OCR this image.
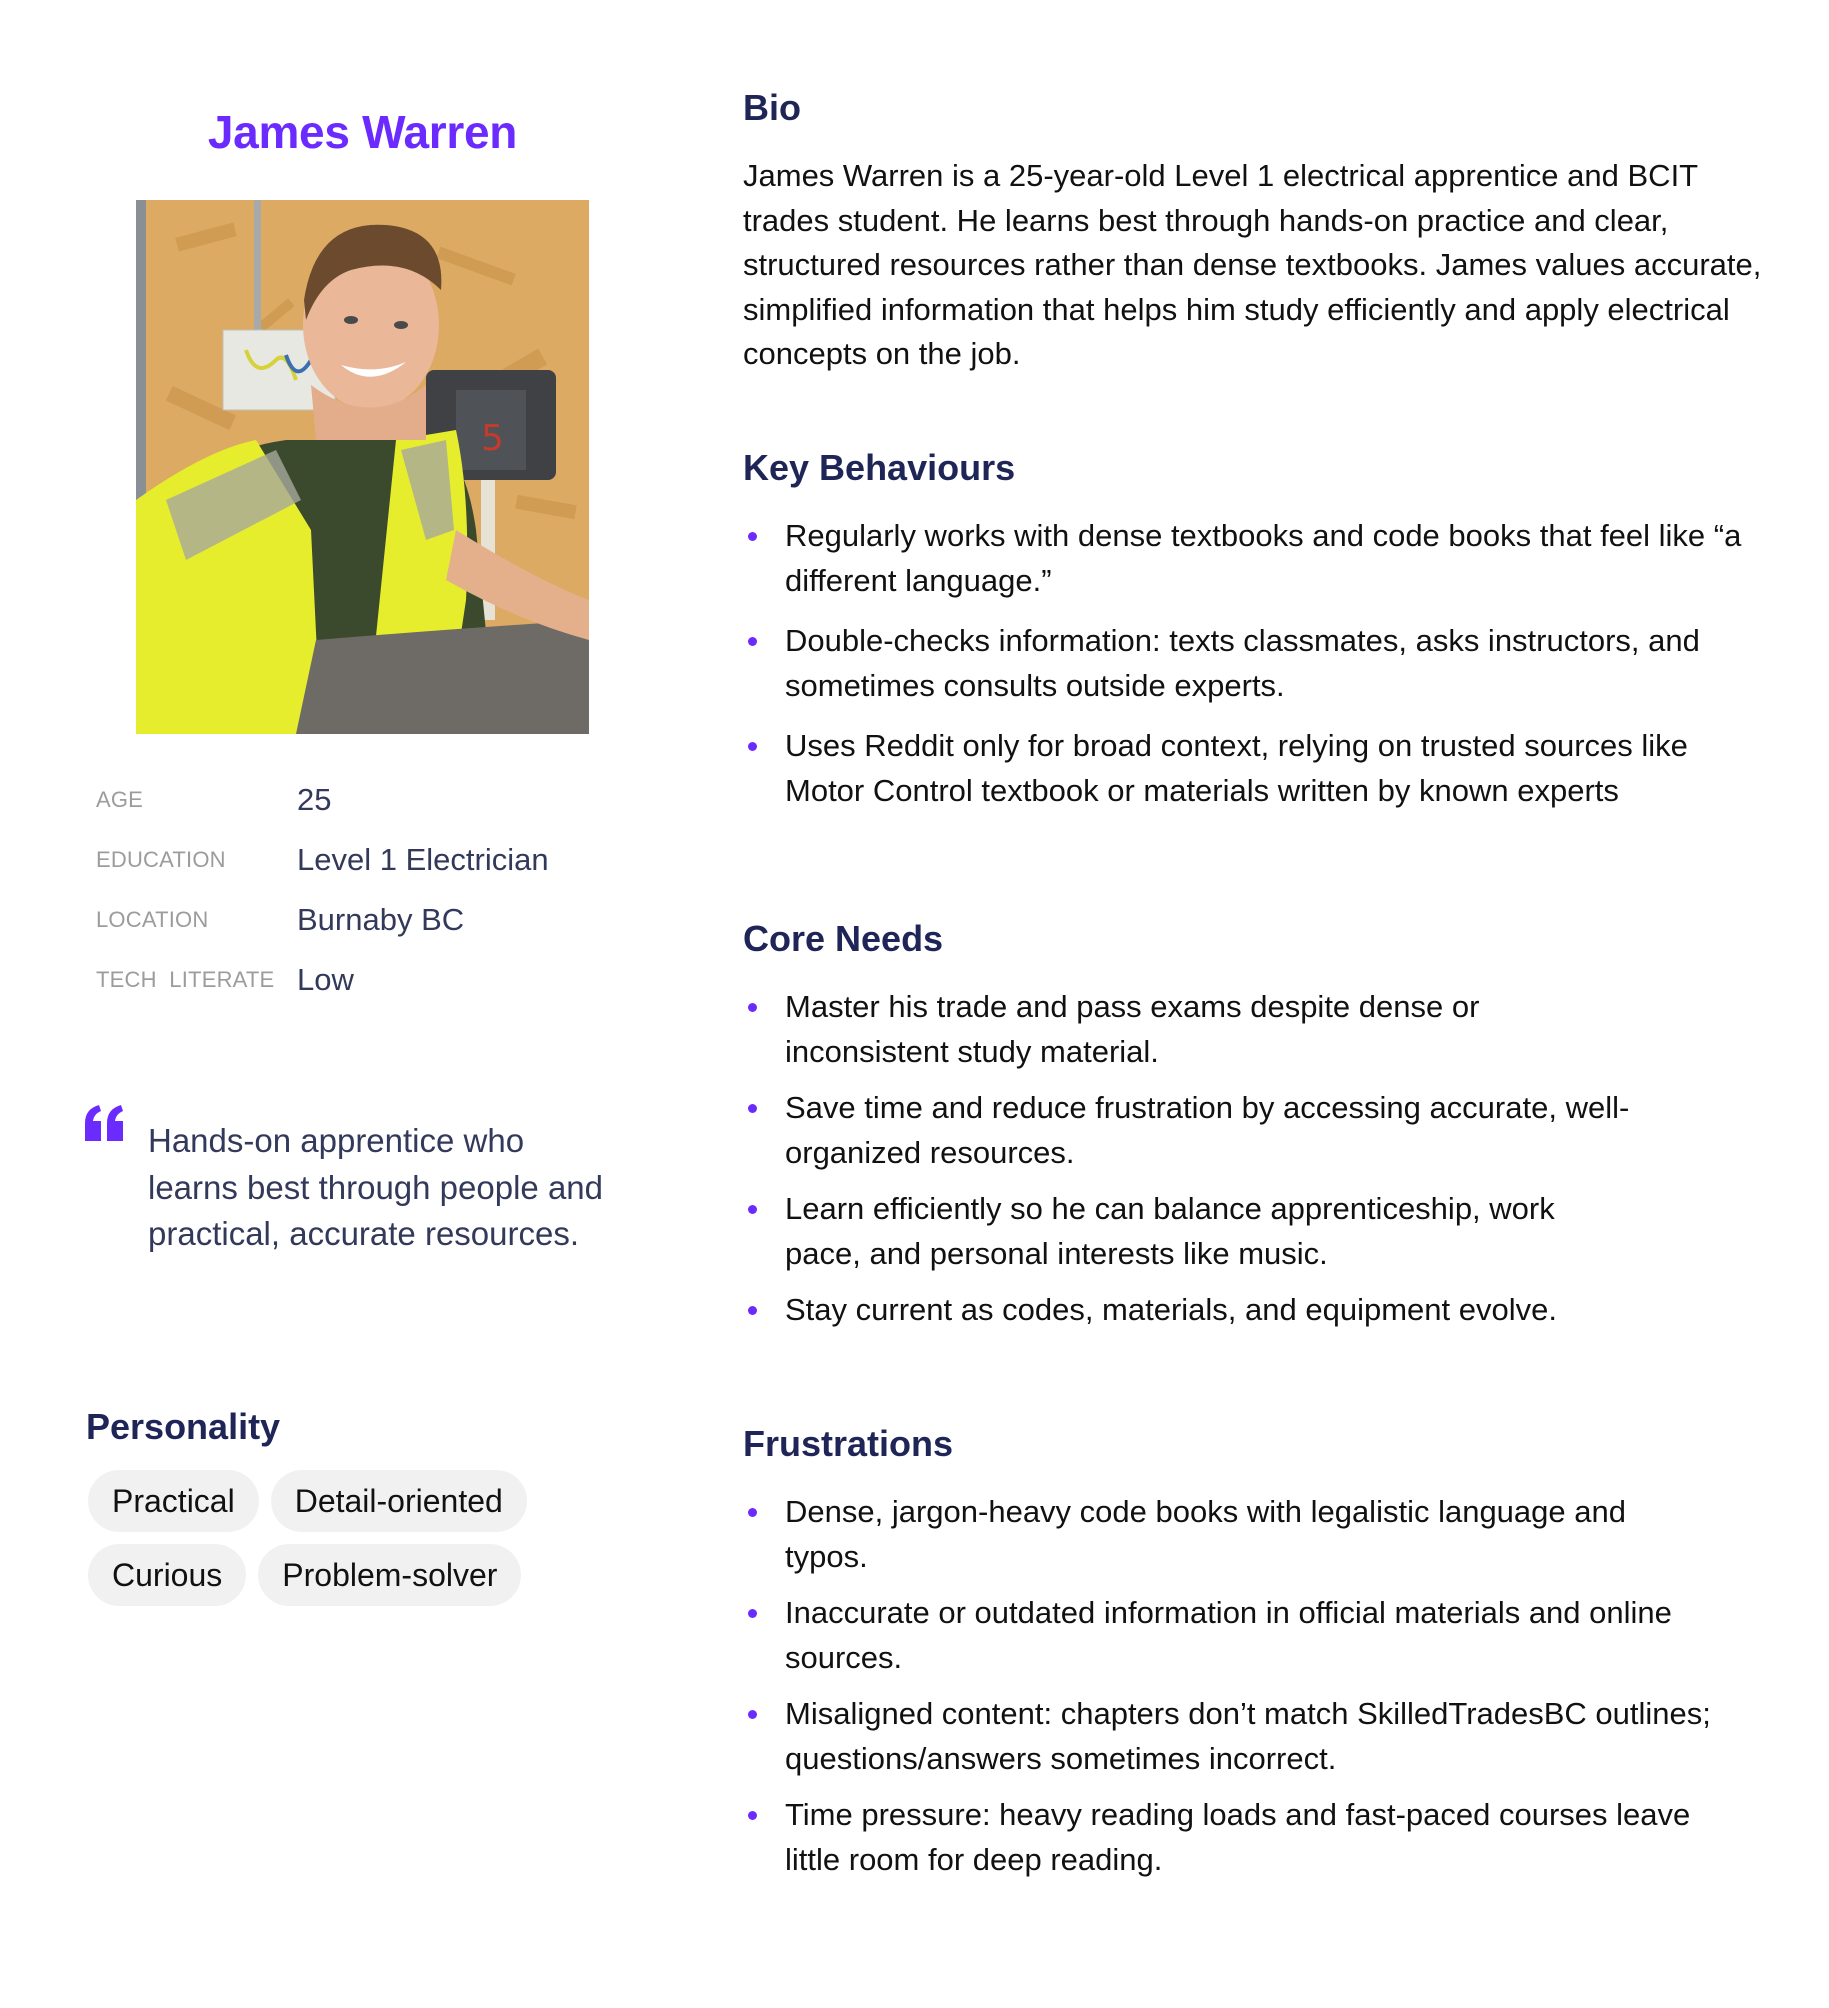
James Warren
5
AGE	25
EDUCATION	Level 1 Electrician
LOCATION	Burnaby BC
TECH  LITERATE Low
Hands-on apprentice who learns best through people and practical, accurate resources.
Personality
Practical	Detail-oriented
Curious	Problem-solver
Bio

James Warren is a 25-year-old Level 1 electrical apprentice and BCIT trades student. He learns best through hands-on practice and clear, structured resources rather than dense textbooks. James values accurate, simplified information that helps him study efficiently and apply electrical concepts on the job.

Key Behaviours
Regularly works with dense textbooks and code books that feel like “a different language.”
Double-checks information: texts classmates, asks instructors, and sometimes consults outside experts.
Uses Reddit only for broad context, relying on trusted sources like Motor Control textbook or materials written by known experts
Core Needs
Master his trade and pass exams despite dense or inconsistent study material.
Save time and reduce frustration by accessing accurate, well-organized resources.
Learn efficiently so he can balance apprenticeship, work pace, and personal interests like music.
Stay current as codes, materials, and equipment evolve.
Frustrations
Dense, jargon-heavy code books with legalistic language and typos.
Inaccurate or outdated information in official materials and online sources.
Misaligned content: chapters don’t match SkilledTradesBC outlines; questions/answers sometimes incorrect.
Time pressure: heavy reading loads and fast-paced courses leave little room for deep reading.
